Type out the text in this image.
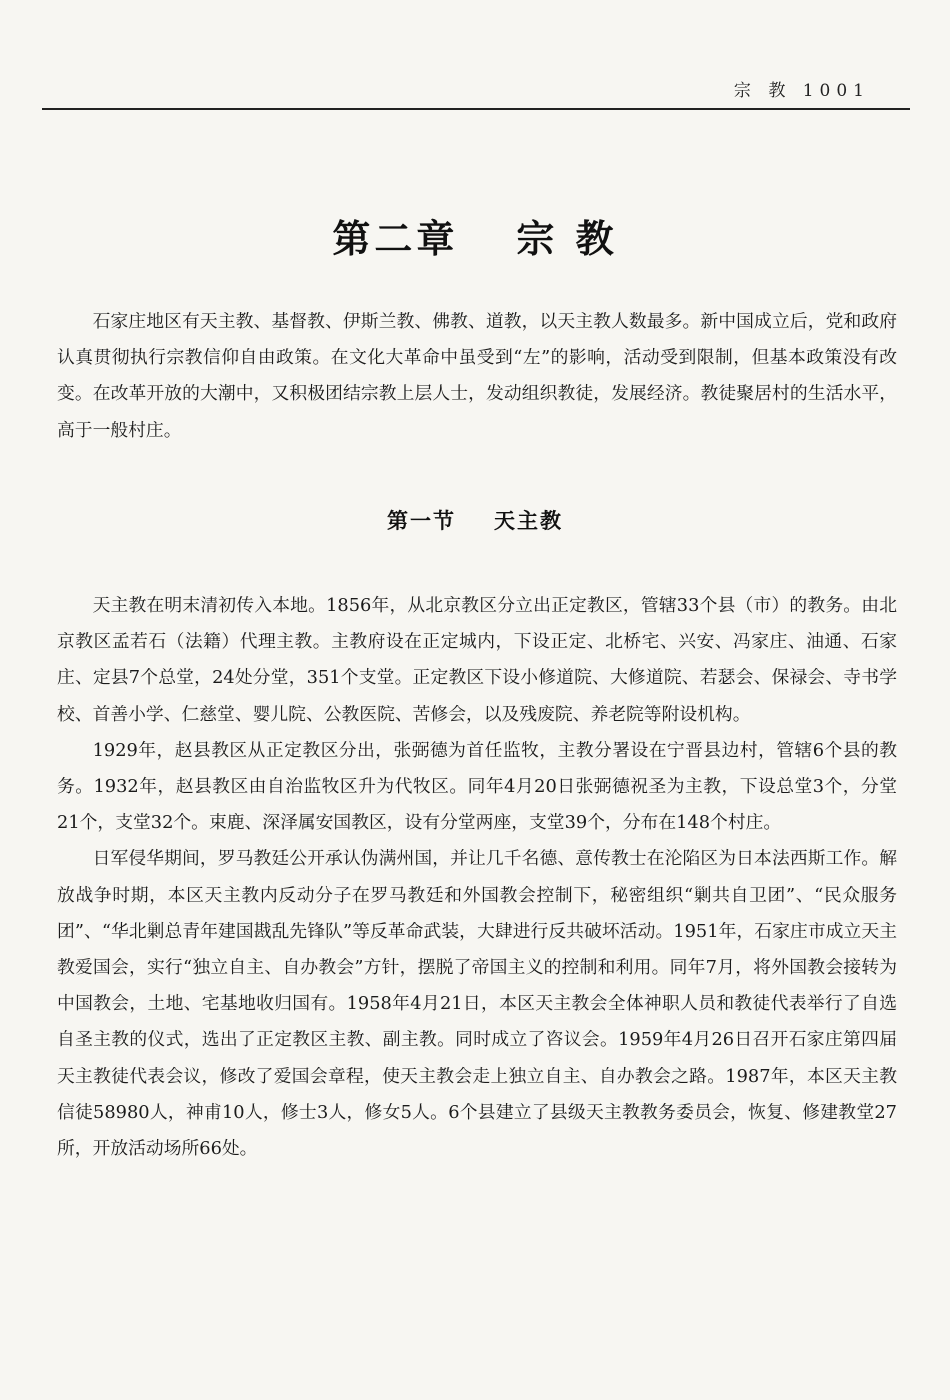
宗 教 1001
第二章 宗 教

石家庄地区有天主教、基督教、伊斯兰教、佛教、道教，以天主教人数最多。新中国成立后，党和政府认真贯彻执行宗教信仰自由政策。在文化大革命中虽受到“左”的影响，活动受到限制，但基本政策没有改变。在改革开放的大潮中，又积极团结宗教上层人士，发动组织教徒，发展经济。教徒聚居村的生活水平，高于一般村庄。

第一节 天主教

天主教在明末清初传入本地。1856年，从北京教区分立出正定教区，管辖33个县（市）的教务。由北京教区孟若石（法籍）代理主教。主教府设在正定城内，下设正定、北桥宅、兴安、冯家庄、油通、石家庄、定县7个总堂，24处分堂，351个支堂。正定教区下设小修道院、大修道院、若瑟会、保禄会、寺书学校、首善小学、仁慈堂、婴儿院、公教医院、苦修会，以及残废院、养老院等附设机构。

1929年，赵县教区从正定教区分出，张弼德为首任监牧，主教分署设在宁晋县边村，管辖6个县的教务。1932年，赵县教区由自治监牧区升为代牧区。同年4月20日张弼德祝圣为主教，下设总堂3个，分堂21个，支堂32个。束鹿、深泽属安国教区，设有分堂两座，支堂39个，分布在148个村庄。

日军侵华期间，罗马教廷公开承认伪满州国，并让几千名德、意传教士在沦陷区为日本法西斯工作。解放战争时期，本区天主教内反动分子在罗马教廷和外国教会控制下，秘密组织“剿共自卫团”、“民众服务团”、“华北剿总青年建国戡乱先锋队”等反革命武装，大肆进行反共破坏活动。1951年，石家庄市成立天主教爱国会，实行“独立自主、自办教会”方针，摆脱了帝国主义的控制和利用。同年7月，将外国教会接转为中国教会，土地、宅基地收归国有。1958年4月21日，本区天主教会全体神职人员和教徒代表举行了自选自圣主教的仪式，选出了正定教区主教、副主教。同时成立了咨议会。1959年4月26日召开石家庄第四届天主教徒代表会议，修改了爱国会章程，使天主教会走上独立自主、自办教会之路。1987年，本区天主教信徒58980人，神甫10人，修士3人，修女5人。6个县建立了县级天主教教务委员会，恢复、修建教堂27所，开放活动场所66处。
